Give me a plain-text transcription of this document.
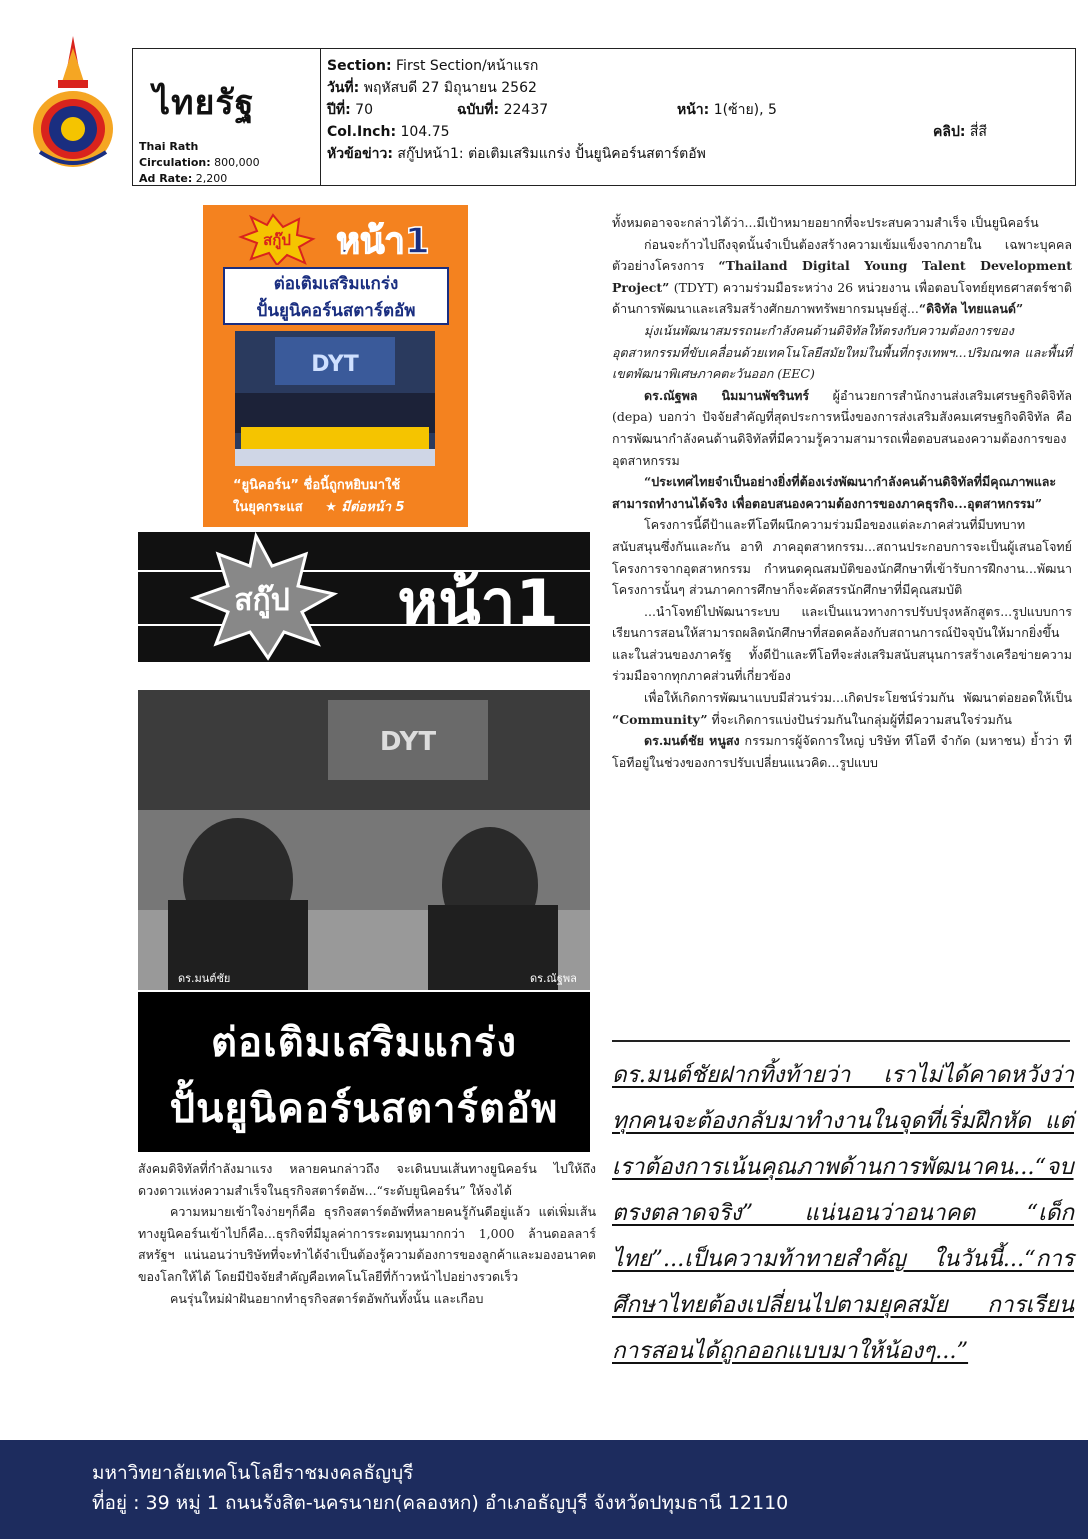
ไทยรัฐ
Thai Rath
Circulation: 800,000
Ad Rate: 2,200
Section: First Section/หน้าแรก
วันที่: พฤหัสบดี 27 มิถุนายน 2562
ปีที่: 70	ฉบับที่: 22437	หน้า: 1(ซ้าย), 5
Col.Inch: 104.75	คลิป: สี่สี
หัวข้อข่าว: สกู๊ปหน้า1: ต่อเติมเสริมแกร่ง ปั้นยูนิคอร์นสตาร์ตอัพ
สกู๊ป หน้า1
ต่อเติมเสริมแกร่ง
ปั้นยูนิคอร์นสตาร์ตอัพ
DYT
“ยูนิคอร์น” ชื่อนี้ถูกหยิบมาใช้
ในยุคกระแส ★ มีต่อหน้า 5
สกู๊ป หน้า1
DYT
ดร.มนต์ชัย	ดร.ณัฐพล
ต่อเติมเสริมแกร่ง
ปั้นยูนิคอร์นสตาร์ตอัพ

สังคมดิจิทัลที่กำลังมาแรง หลายคนกล่าวถึง จะเดินบนเส้นทางยูนิคอร์น ไปให้ถึงดวงดาวแห่งความสำเร็จในธุรกิจสตาร์ตอัพ...“ระดับยูนิคอร์น” ให้จงได้

ความหมายเข้าใจง่ายๆก็คือ ธุรกิจสตาร์ตอัพที่หลายคนรู้กันดีอยู่แล้ว แต่เพิ่มเส้นทางยูนิคอร์นเข้าไปก็คือ...ธุรกิจที่มีมูลค่าการระดมทุนมากกว่า 1,000 ล้านดอลลาร์สหรัฐฯ แน่นอนว่าบริษัทที่จะทำได้จำเป็นต้องรู้ความต้องการของลูกค้าและมองอนาคตของโลกให้ได้ โดยมีปัจจัยสำคัญคือเทคโนโลยีที่ก้าวหน้าไปอย่างรวดเร็ว

คนรุ่นใหม่ฝ่าฝันอยากทำธุรกิจสตาร์ตอัพกันทั้งนั้น และเกือบ

ทั้งหมดอาจจะกล่าวได้ว่า...มีเป้าหมายอยากที่จะประสบความสำเร็จ เป็นยูนิคอร์น

ก่อนจะก้าวไปถึงจุดนั้นจำเป็นต้องสร้างความเข้มแข็งจากภายใน เฉพาะบุคคล ตัวอย่างโครงการ “Thailand Digital Young Talent Development Project” (TDYT) ความร่วมมือระหว่าง 26 หน่วยงาน เพื่อตอบโจทย์ยุทธศาสตร์ชาติด้านการพัฒนาและเสริมสร้างศักยภาพทรัพยากรมนุษย์สู่...“ดิจิทัล ไทยแลนด์”

มุ่งเน้นพัฒนาสมรรถนะกำลังคนด้านดิจิทัลให้ตรงกับความต้องการของอุตสาหกรรมที่ขับเคลื่อนด้วยเทคโนโลยีสมัยใหม่ในพื้นที่กรุงเทพฯ...ปริมณฑล และพื้นที่เขตพัฒนาพิเศษภาคตะวันออก (EEC)

ดร.ณัฐพล นิมมานพัชรินทร์ ผู้อำนวยการสำนักงานส่งเสริมเศรษฐกิจดิจิทัล (depa) บอกว่า ปัจจัยสำคัญที่สุดประการหนึ่งของการส่งเสริมสังคมเศรษฐกิจดิจิทัล คือ การพัฒนากำลังคนด้านดิจิทัลที่มีความรู้ความสามารถเพื่อตอบสนองความต้องการของอุตสาหกรรม

“ประเทศไทยจำเป็นอย่างยิ่งที่ต้องเร่งพัฒนากำลังคนด้านดิจิทัลที่มีคุณภาพและสามารถทำงานได้จริง เพื่อตอบสนองความต้องการของภาคธุรกิจ...อุตสาหกรรม”

โครงการนี้ดีป้าและทีโอทีผนึกความร่วมมือของแต่ละภาคส่วนที่มีบทบาทสนับสนุนซึ่งกันและกัน อาทิ ภาคอุตสาหกรรม...สถานประกอบการจะเป็นผู้เสนอโจทย์โครงการจากอุตสาหกรรม กำหนดคุณสมบัติของนักศึกษาที่เข้ารับการฝึกงาน...พัฒนาโครงการนั้นๆ ส่วนภาคการศึกษาก็จะคัดสรรนักศึกษาที่มีคุณสมบัติ

...นำโจทย์ไปพัฒนาระบบ และเป็นแนวทางการปรับปรุงหลักสูตร...รูปแบบการเรียนการสอนให้สามารถผลิตนักศึกษาที่สอดคล้องกับสถานการณ์ปัจจุบันให้มากยิ่งขึ้น และในส่วนของภาครัฐ ทั้งดีป้าและทีโอทีจะส่งเสริมสนับสนุนการสร้างเครือข่ายความร่วมมือจากทุกภาคส่วนที่เกี่ยวข้อง

เพื่อให้เกิดการพัฒนาแบบมีส่วนร่วม...เกิดประโยชน์ร่วมกัน พัฒนาต่อยอดให้เป็น “Community” ที่จะเกิดการแบ่งปันร่วมกันในกลุ่มผู้ที่มีความสนใจร่วมกัน

ดร.มนต์ชัย หนูสง กรรมการผู้จัดการใหญ่ บริษัท ทีโอที จำกัด (มหาชน) ย้ำว่า ทีโอทีอยู่ในช่วงของการปรับเปลี่ยนแนวคิด...รูปแบบ

ดร.มนต์ชัยฝากทิ้งท้ายว่า เราไม่ได้คาดหวังว่าทุกคนจะต้องกลับมาทำงานในจุดที่เริ่มฝึกหัด แต่เราต้องการเน้นคุณภาพด้านการพัฒนาคน...“จบตรงตลาดจริง” แน่นอนว่าอนาคต “เด็กไทย”...เป็นความท้าทายสำคัญ ในวันนี้...“การศึกษาไทยต้องเปลี่ยนไปตามยุคสมัย การเรียนการสอนได้ถูกออกแบบมาให้น้องๆ...”
มหาวิทยาลัยเทคโนโลยีราชมงคลธัญบุรี
ที่อยู่ : 39 หมู่ 1 ถนนรังสิต-นครนายก(คลองหก) อำเภอธัญบุรี จังหวัดปทุมธานี 12110
